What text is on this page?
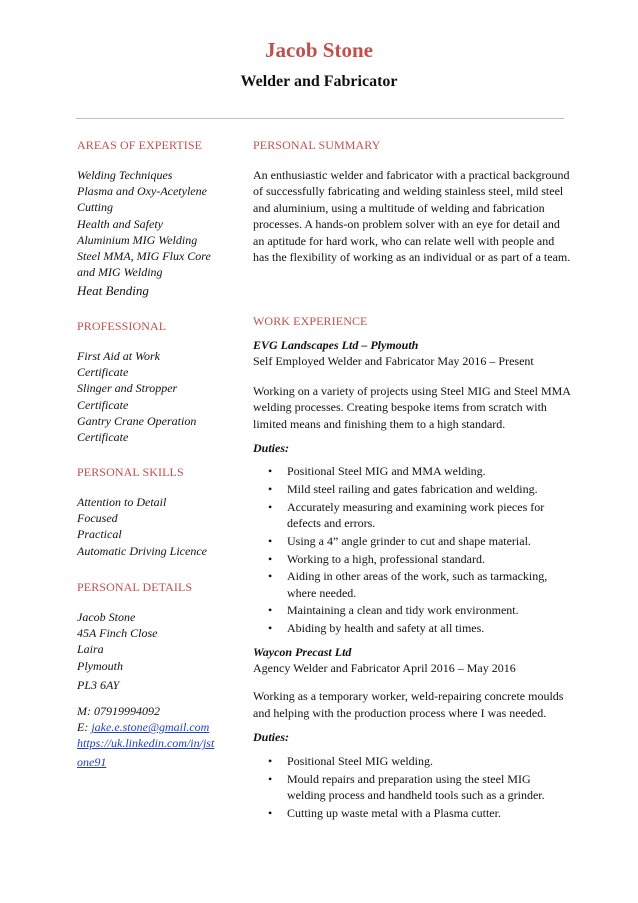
Jacob Stone
Welder and Fabricator
AREAS OF EXPERTISE
Welding Techniques
Plasma and Oxy-Acetylene
Cutting
Health and Safety
Aluminium MIG Welding
Steel MMA, MIG Flux Core
and MIG Welding
Heat Bending
PROFESSIONAL
First Aid at Work
Certificate
Slinger and Stropper
Certificate
Gantry Crane Operation
Certificate
PERSONAL SKILLS
Attention to Detail
Focused
Practical
Automatic Driving Licence
PERSONAL DETAILS
Jacob Stone
45A Finch Close
Laira
Plymouth
PL3 6AY
M: 07919994092
E: jake.e.stone@gmail.com
https://uk.linkedin.com/in/jst
one91
PERSONAL SUMMARY

An enthusiastic welder and fabricator with a practical background of successfully fabricating and welding stainless steel, mild steel and aluminium, using a multitude of welding and fabrication processes. A hands-on problem solver with an eye for detail and an aptitude for hard work, who can relate well with people and has the flexibility of working as an individual or as part of a team.

WORK EXPERIENCE
EVG Landscapes Ltd – Plymouth
Self Employed Welder and Fabricator May 2016 – Present

Working on a variety of projects using Steel MIG and Steel MMA welding processes. Creating bespoke items from scratch with limited means and finishing them to a high standard.

Duties:
• Positional Steel MIG and MMA welding.
• Mild steel railing and gates fabrication and welding.
• Accurately measuring and examining work pieces for defects and errors.
• Using a 4” angle grinder to cut and shape material.
• Working to a high, professional standard.
• Aiding in other areas of the work, such as tarmacking, where needed.
• Maintaining a clean and tidy work environment.
• Abiding by health and safety at all times.
Waycon Precast Ltd
Agency Welder and Fabricator April 2016 – May 2016

Working as a temporary worker, weld-repairing concrete moulds and helping with the production process where I was needed.

Duties:
• Positional Steel MIG welding.
• Mould repairs and preparation using the steel MIG welding process and handheld tools such as a grinder.
• Cutting up waste metal with a Plasma cutter.
